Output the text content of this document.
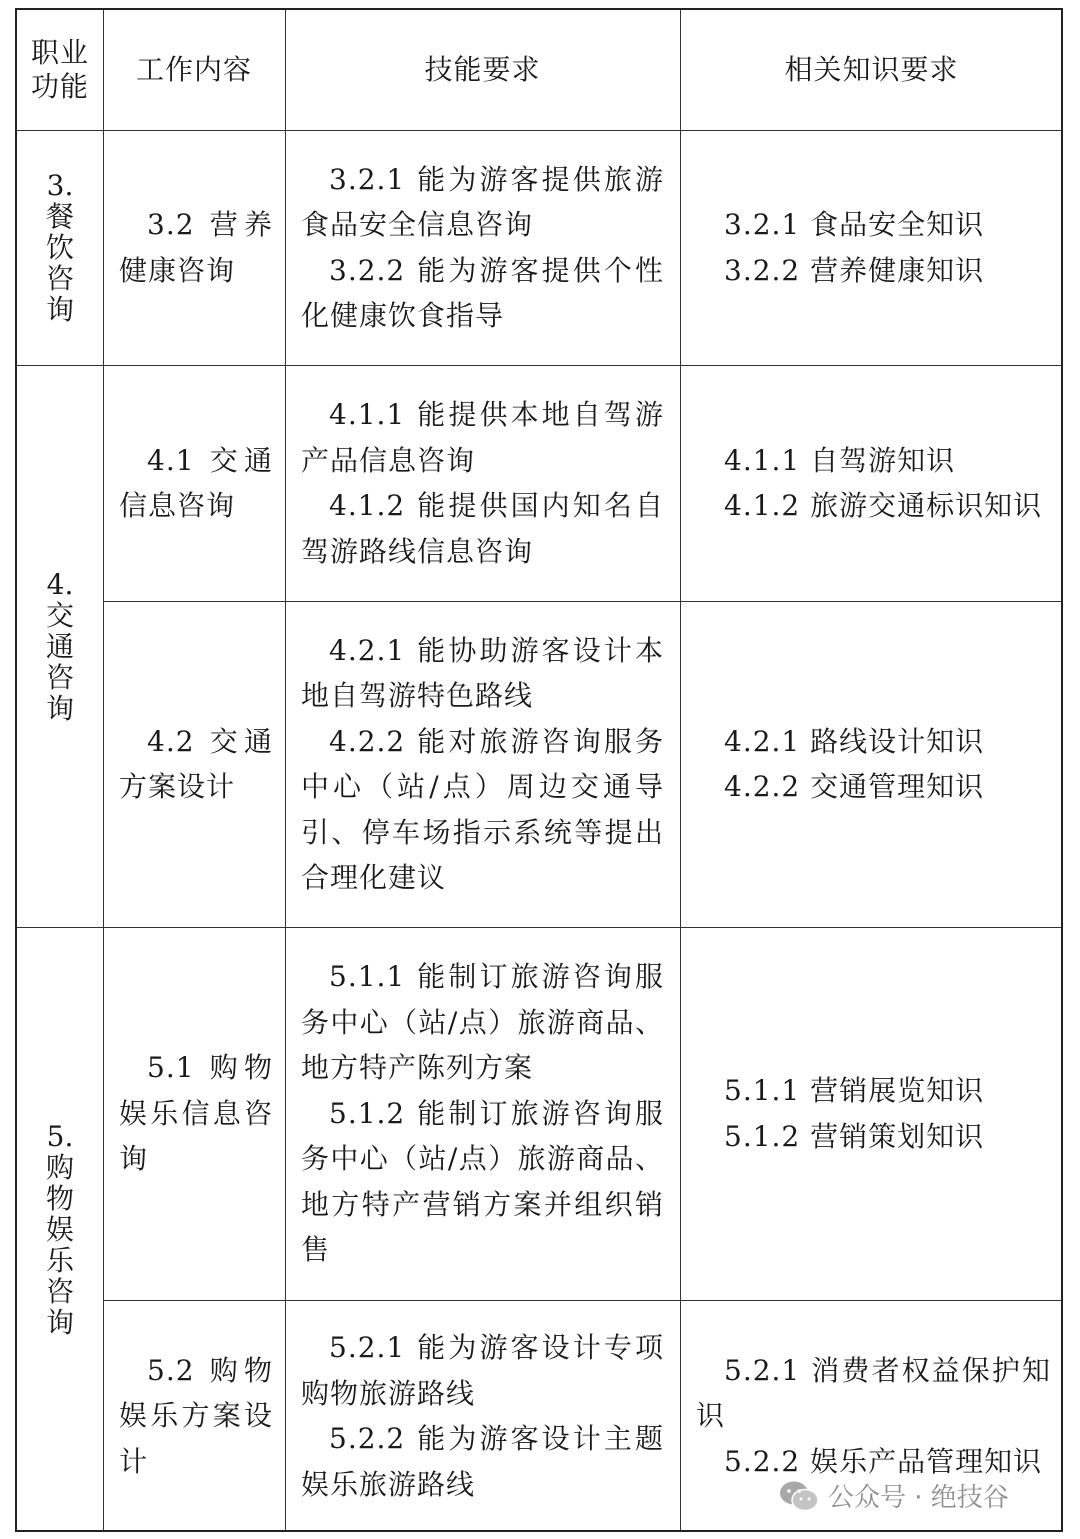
职业
功能
工作内容	技能要求	相关知识要求
3.
餐饮咨询
4.
交通咨询
5.
购物娱乐咨询
3.2 营养健康咨询
3.2.1 能为游客提供旅游食品安全信息咨询
3.2.2 能为游客提供个性化健康饮食指导
3.2.1 食品安全知识
3.2.2 营养健康知识
4.1 交通信息咨询
4.1.1 能提供本地自驾游产品信息咨询
4.1.2 能提供国内知名自驾游路线信息咨询
4.1.1 自驾游知识
4.1.2 旅游交通标识知识
4.2 交通方案设计
4.2.1 能协助游客设计本地自驾游特色路线
4.2.2 能对旅游咨询服务中心（站/点）周边交通导引、停车场指示系统等提出合理化建议
4.2.1 路线设计知识
4.2.2 交通管理知识
5.1 购物娱乐信息咨询
5.1.1 能制订旅游咨询服务中心（站/点）旅游商品、地方特产陈列方案
5.1.2 能制订旅游咨询服务中心（站/点）旅游商品、地方特产营销方案并组织销售
5.1.1 营销展览知识
5.1.2 营销策划知识
5.2 购物娱乐方案设计
5.2.1 能为游客设计专项购物旅游路线
5.2.2 能为游客设计主题娱乐旅游路线
5.2.1 消费者权益保护知识
5.2.2 娱乐产品管理知识
公众号 · 绝技谷
